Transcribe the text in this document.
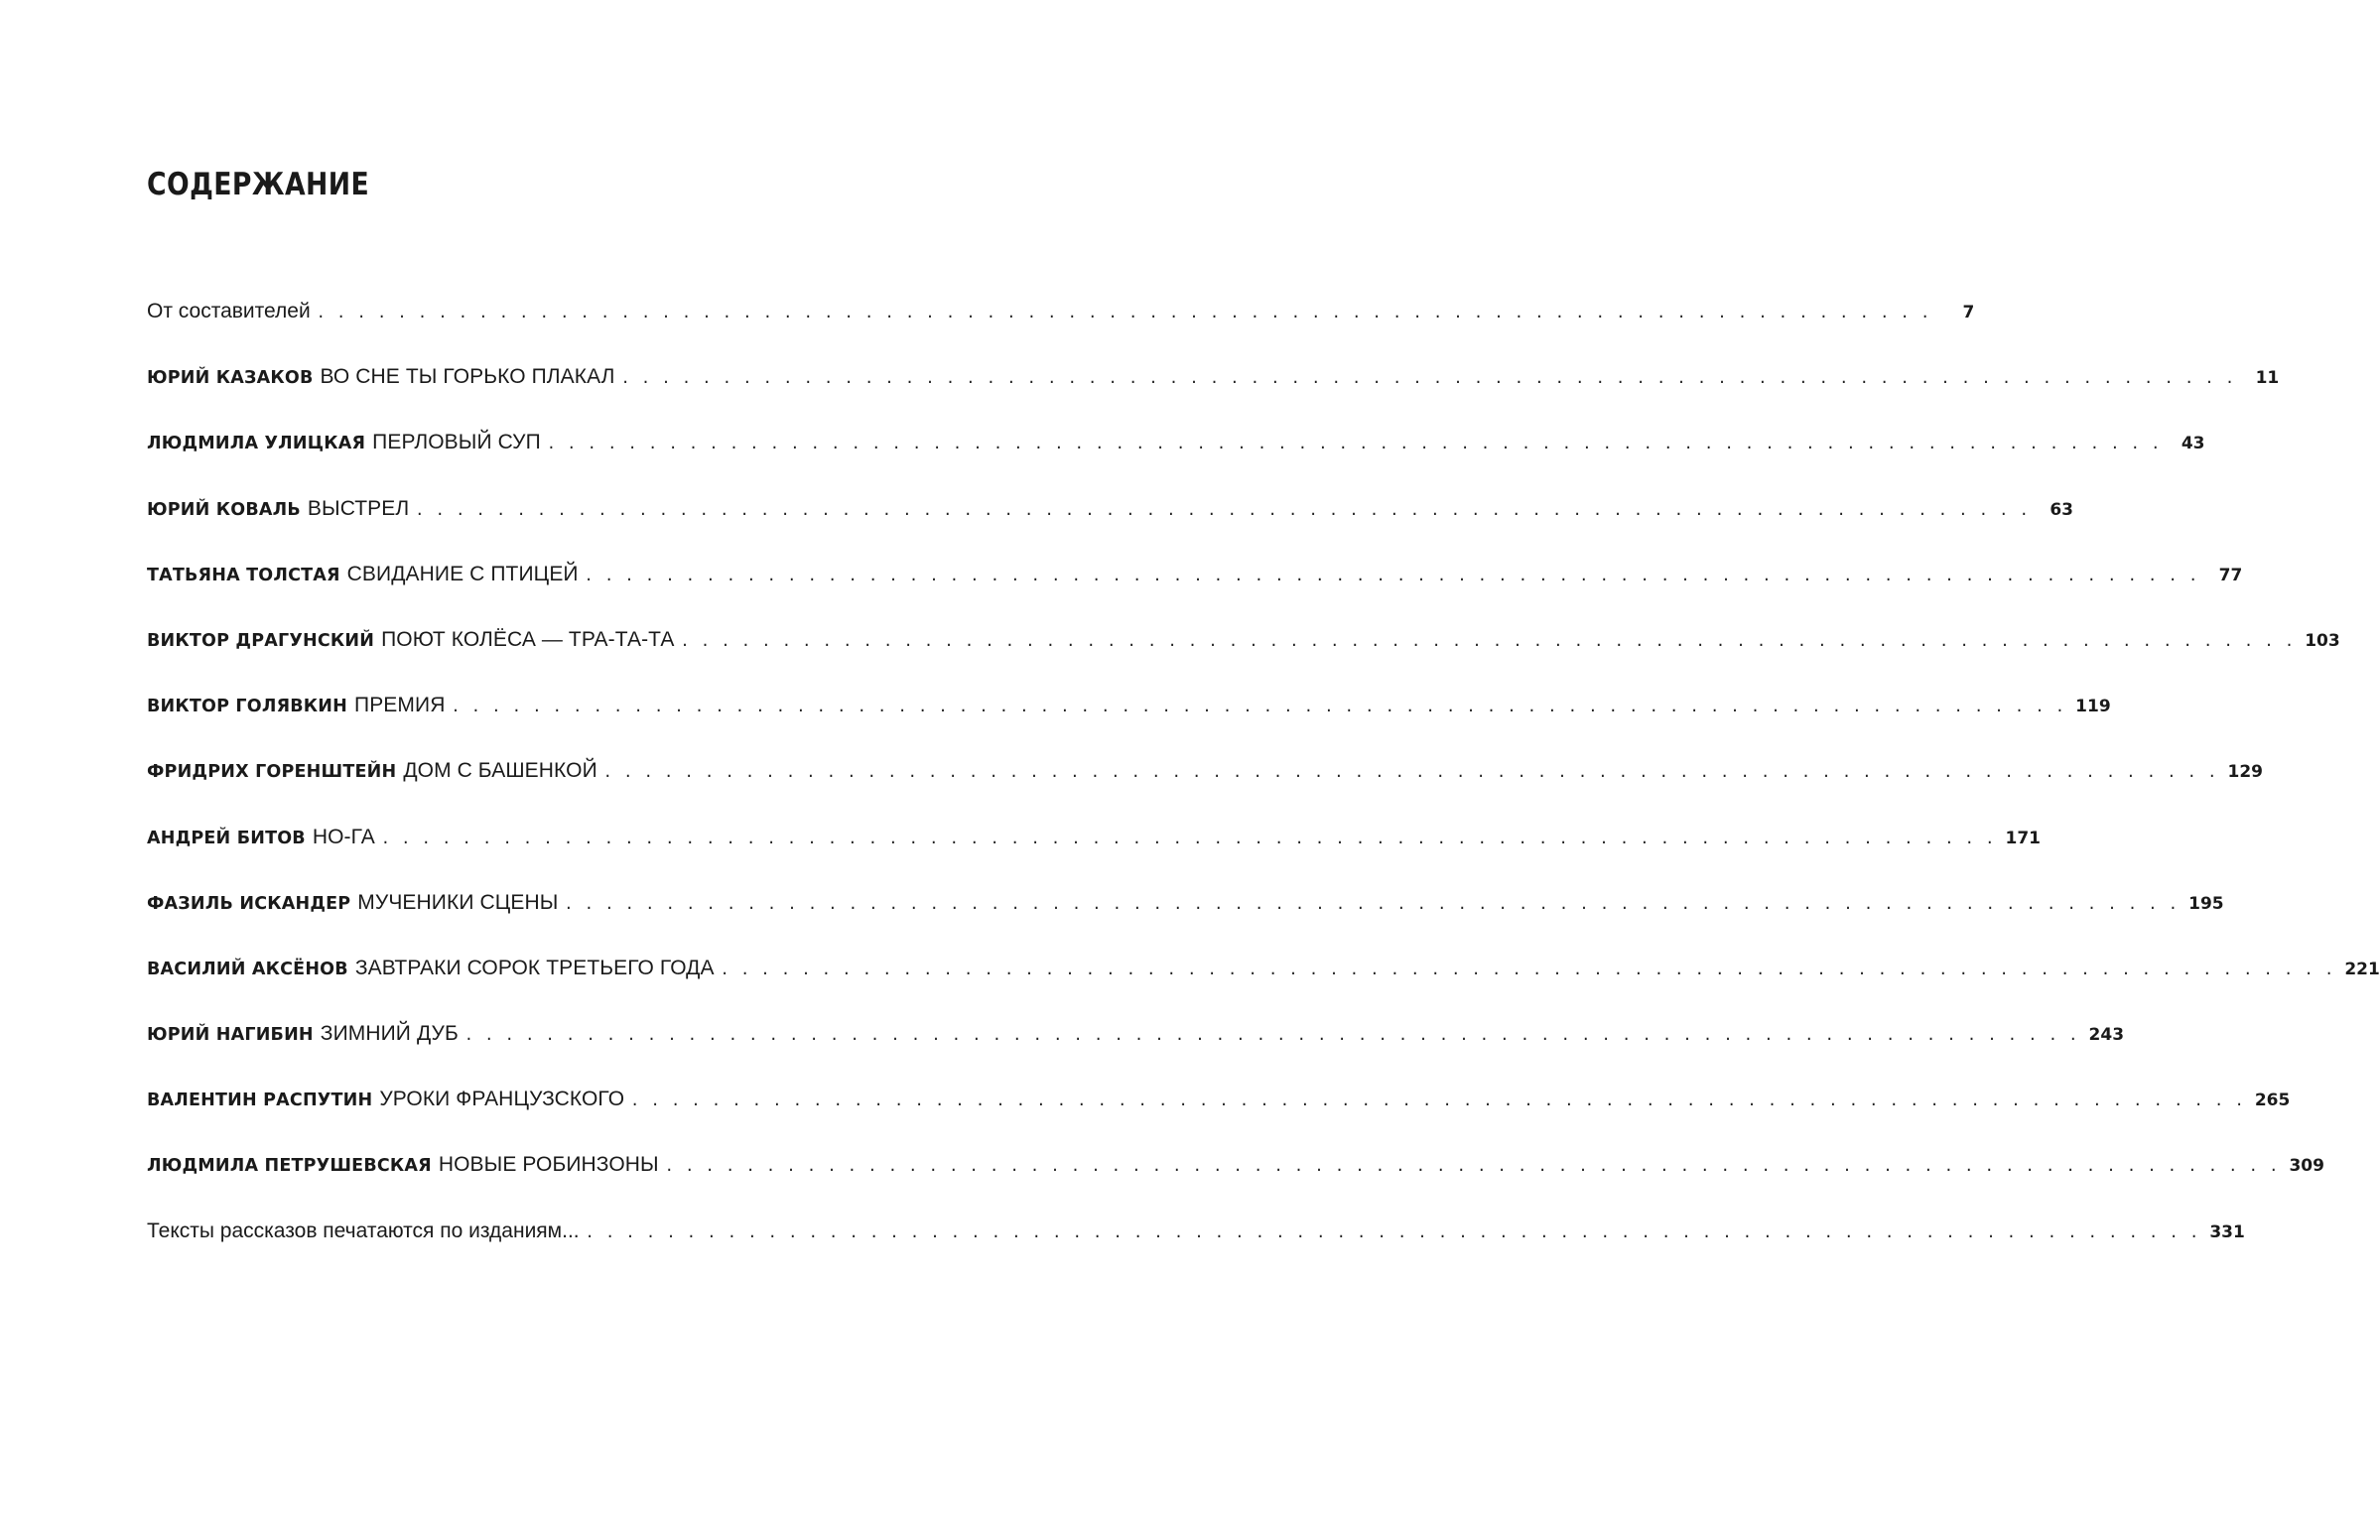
СОДЕРЖАНИЕ
От составителей . . . . . . . . . . . . . . . . . . . . . . . . . . . . . . . . . . . . . . . . . . . . . . . . . . . . . . . . . . . . . . . . . . . . . . . . . . . . . . . .	7
ЮРИЙ КАЗАКОВ ВО СНЕ ТЫ ГОРЬКО ПЛАКАЛ . . . . . . . . . . . . . . . . . . . . . . . . . . . . . . . . . . . . . . . . . . . . . . . . . . . . . . . . . . . . . . . . . . . . . . . . . . . . . . . .	11
ЛЮДМИЛА УЛИЦКАЯ ПЕРЛОВЫЙ СУП . . . . . . . . . . . . . . . . . . . . . . . . . . . . . . . . . . . . . . . . . . . . . . . . . . . . . . . . . . . . . . . . . . . . . . . . . . . . . . . .	43
ЮРИЙ КОВАЛЬ ВЫСТРЕЛ . . . . . . . . . . . . . . . . . . . . . . . . . . . . . . . . . . . . . . . . . . . . . . . . . . . . . . . . . . . . . . . . . . . . . . . . . . . . . . . .	63
ТАТЬЯНА ТОЛСТАЯ СВИДАНИЕ С ПТИЦЕЙ . . . . . . . . . . . . . . . . . . . . . . . . . . . . . . . . . . . . . . . . . . . . . . . . . . . . . . . . . . . . . . . . . . . . . . . . . . . . . . . .	77
ВИКТОР ДРАГУНСКИЙ ПОЮТ КОЛЁСА — ТРА-ТА-ТА . . . . . . . . . . . . . . . . . . . . . . . . . . . . . . . . . . . . . . . . . . . . . . . . . . . . . . . . . . . . . . . . . . . . . . . . . . . . . . . . 103
ВИКТОР ГОЛЯВКИН ПРЕМИЯ . . . . . . . . . . . . . . . . . . . . . . . . . . . . . . . . . . . . . . . . . . . . . . . . . . . . . . . . . . . . . . . . . . . . . . . . . . . . . . . . 119
ФРИДРИХ ГОРЕНШТЕЙН ДОМ С БАШЕНКОЙ . . . . . . . . . . . . . . . . . . . . . . . . . . . . . . . . . . . . . . . . . . . . . . . . . . . . . . . . . . . . . . . . . . . . . . . . . . . . . . . . 129
АНДРЕЙ БИТОВ НО-ГА . . . . . . . . . . . . . . . . . . . . . . . . . . . . . . . . . . . . . . . . . . . . . . . . . . . . . . . . . . . . . . . . . . . . . . . . . . . . . . . . 171
ФАЗИЛЬ ИСКАНДЕР МУЧЕНИКИ СЦЕНЫ . . . . . . . . . . . . . . . . . . . . . . . . . . . . . . . . . . . . . . . . . . . . . . . . . . . . . . . . . . . . . . . . . . . . . . . . . . . . . . . . 195
ВАСИЛИЙ АКСЁНОВ ЗАВТРАКИ СОРОК ТРЕТЬЕГО ГОДА . . . . . . . . . . . . . . . . . . . . . . . . . . . . . . . . . . . . . . . . . . . . . . . . . . . . . . . . . . . . . . . . . . . . . . . . . . . . . . . . 221
ЮРИЙ НАГИБИН ЗИМНИЙ ДУБ . . . . . . . . . . . . . . . . . . . . . . . . . . . . . . . . . . . . . . . . . . . . . . . . . . . . . . . . . . . . . . . . . . . . . . . . . . . . . . . . 243
ВАЛЕНТИН РАСПУТИН УРОКИ ФРАНЦУЗСКОГО . . . . . . . . . . . . . . . . . . . . . . . . . . . . . . . . . . . . . . . . . . . . . . . . . . . . . . . . . . . . . . . . . . . . . . . . . . . . . . . . 265
ЛЮДМИЛА ПЕТРУШЕВСКАЯ НОВЫЕ РОБИНЗОНЫ . . . . . . . . . . . . . . . . . . . . . . . . . . . . . . . . . . . . . . . . . . . . . . . . . . . . . . . . . . . . . . . . . . . . . . . . . . . . . . . . 309
Тексты рассказов печатаются по изданиям... . . . . . . . . . . . . . . . . . . . . . . . . . . . . . . . . . . . . . . . . . . . . . . . . . . . . . . . . . . . . . . . . . . . . . . . . . . . . . . . . 331
